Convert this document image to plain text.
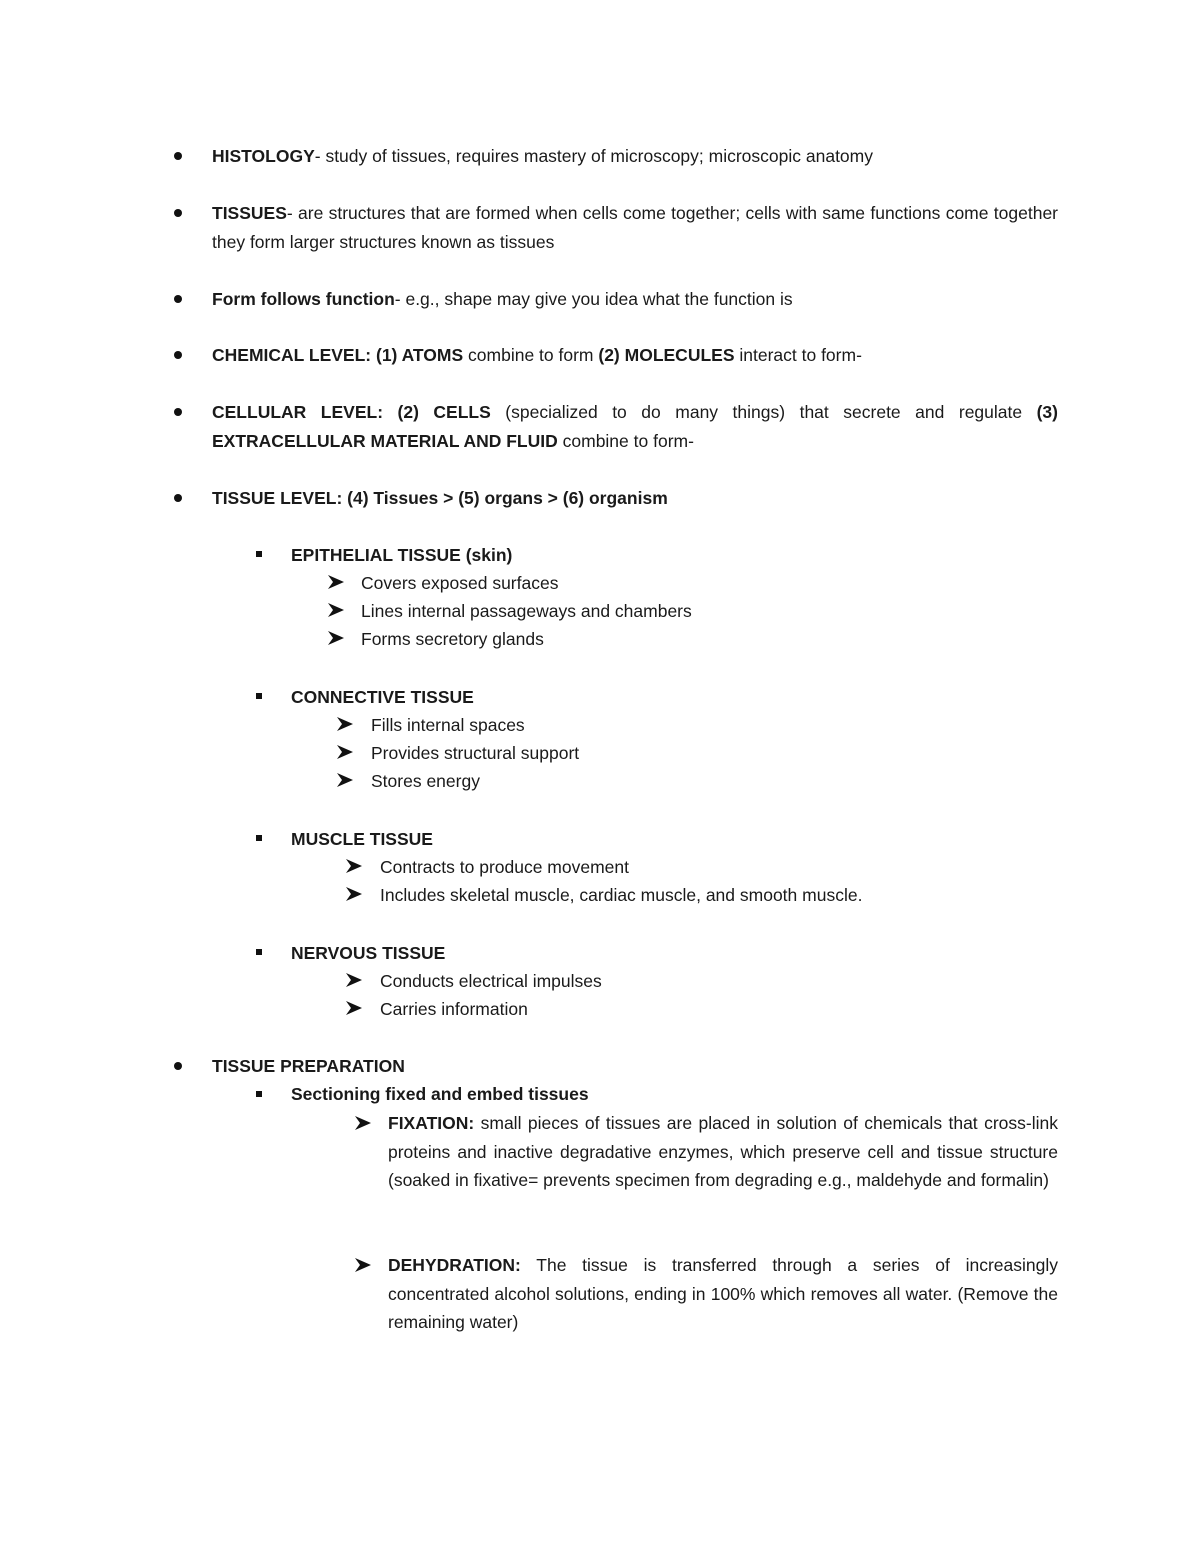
HISTOLOGY- study of tissues, requires mastery of microscopy; microscopic anatomy
TISSUES- are structures that are formed when cells come together; cells with same functions come together they form larger structures known as tissues
Form follows function- e.g., shape may give you idea what the function is
CHEMICAL LEVEL: (1) ATOMS combine to form (2) MOLECULES interact to form-
CELLULAR LEVEL: (2) CELLS (specialized to do many things) that secrete and regulate (3) EXTRACELLULAR MATERIAL AND FLUID combine to form-
TISSUE LEVEL: (4) Tissues > (5) organs > (6) organism
EPITHELIAL TISSUE (skin)
Covers exposed surfaces
Lines internal passageways and chambers
Forms secretory glands
CONNECTIVE TISSUE
Fills internal spaces
Provides structural support
Stores energy
MUSCLE TISSUE
Contracts to produce movement
Includes skeletal muscle, cardiac muscle, and smooth muscle.
NERVOUS TISSUE
Conducts electrical impulses
Carries information
TISSUE PREPARATION
Sectioning fixed and embed tissues
FIXATION: small pieces of tissues are placed in solution of chemicals that cross-link proteins and inactive degradative enzymes, which preserve cell and tissue structure (soaked in fixative= prevents specimen from degrading e.g., maldehyde and formalin)
DEHYDRATION: The tissue is transferred through a series of increasingly concentrated alcohol solutions, ending in 100% which removes all water. (Remove the remaining water)
